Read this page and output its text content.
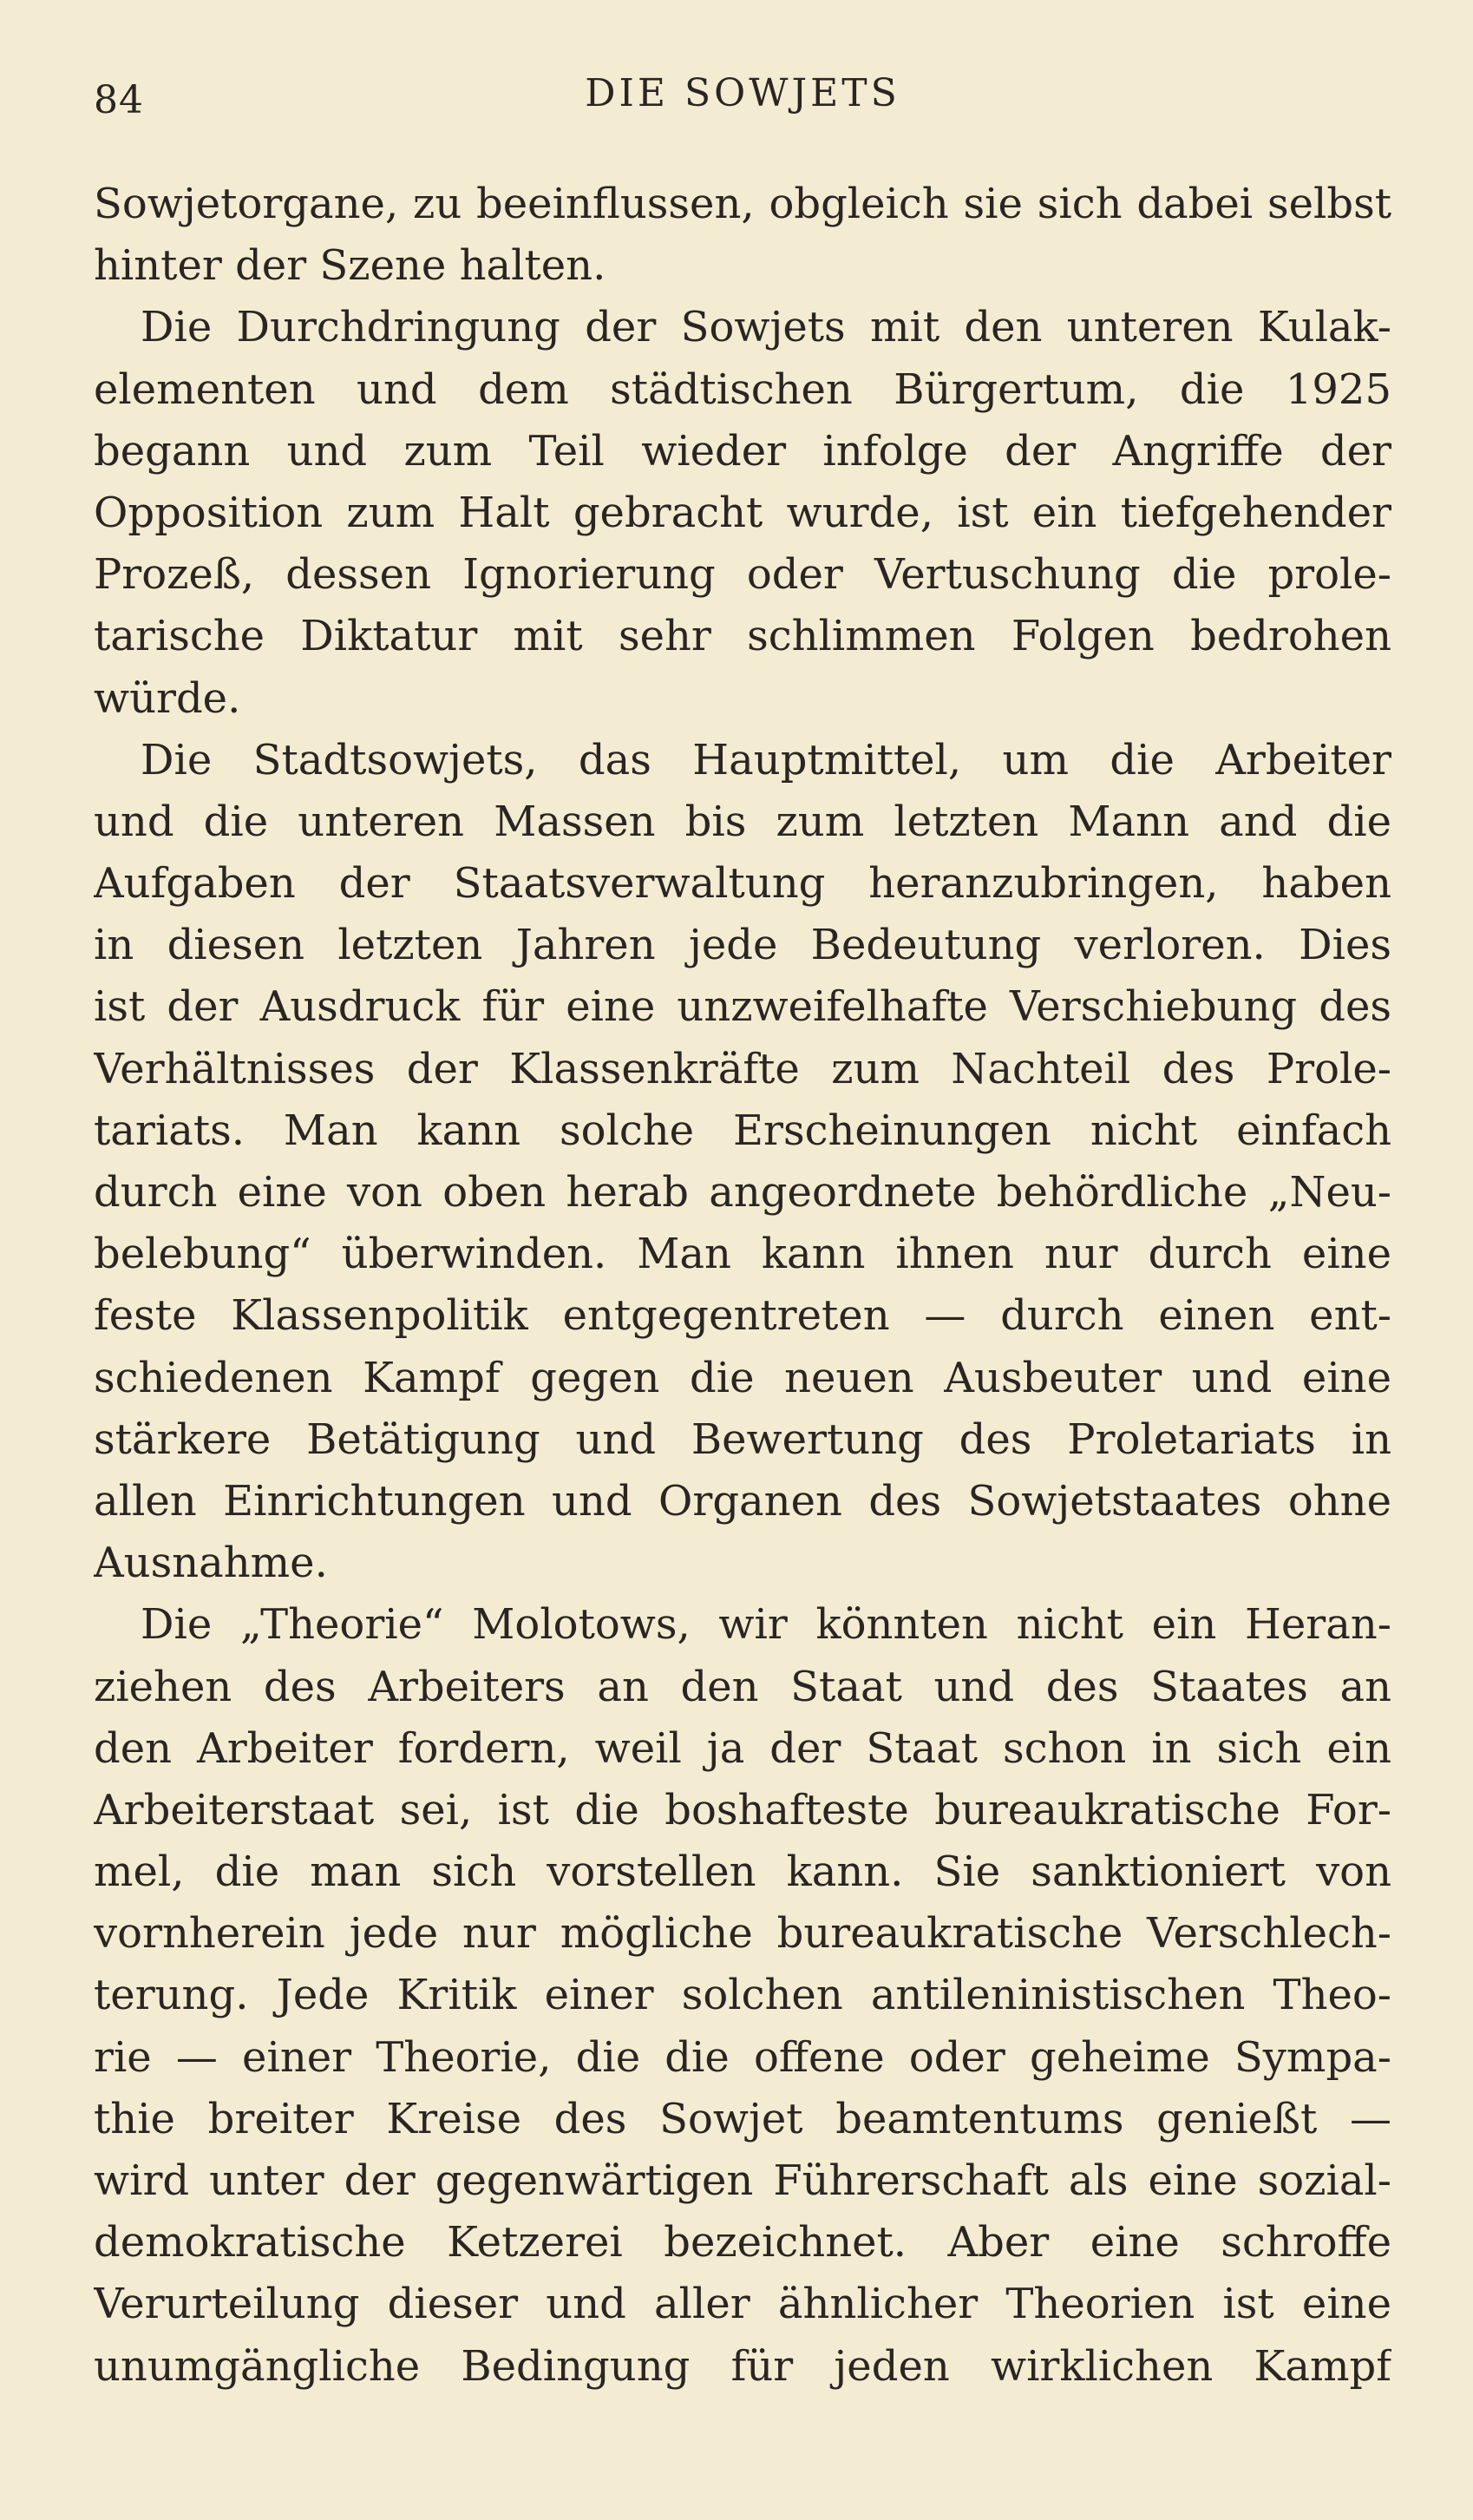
84	DIE SOWJETS
Sowjetorgane, zu beeinflussen, obgleich sie sich dabei selbst
hinter der Szene halten.
Die Durchdringung der Sowjets mit den unteren Kulak-
elementen und dem städtischen Bürgertum, die 1925
begann und zum Teil wieder infolge der Angriffe der
Opposition zum Halt gebracht wurde, ist ein tiefgehender
Prozeß, dessen Ignorierung oder Vertuschung die prole-
tarische Diktatur mit sehr schlimmen Folgen bedrohen
würde.
Die Stadtsowjets, das Hauptmittel, um die Arbeiter
und die unteren Massen bis zum letzten Mann and die
Aufgaben der Staatsverwaltung heranzubringen, haben
in diesen letzten Jahren jede Bedeutung verloren. Dies
ist der Ausdruck für eine unzweifelhafte Verschiebung des
Verhältnisses der Klassenkräfte zum Nachteil des Prole-
tariats. Man kann solche Erscheinungen nicht einfach
durch eine von oben herab angeordnete behördliche „Neu-
belebung“ überwinden. Man kann ihnen nur durch eine
feste Klassenpolitik entgegentreten — durch einen ent-
schiedenen Kampf gegen die neuen Ausbeuter und eine
stärkere Betätigung und Bewertung des Proletariats in
allen Einrichtungen und Organen des Sowjetstaates ohne
Ausnahme.
Die „Theorie“ Molotows, wir könnten nicht ein Heran-
ziehen des Arbeiters an den Staat und des Staates an
den Arbeiter fordern, weil ja der Staat schon in sich ein
Arbeiterstaat sei, ist die boshafteste bureaukratische For-
mel, die man sich vorstellen kann. Sie sanktioniert von
vornherein jede nur mögliche bureaukratische Verschlech-
terung. Jede Kritik einer solchen antileninistischen Theo-
rie — einer Theorie, die die offene oder geheime Sympa-
thie breiter Kreise des Sowjet beamtentums genießt —
wird unter der gegenwärtigen Führerschaft als eine sozial-
demokratische Ketzerei bezeichnet. Aber eine schroffe
Verurteilung dieser und aller ähnlicher Theorien ist eine
unumgängliche Bedingung für jeden wirklichen Kampf
